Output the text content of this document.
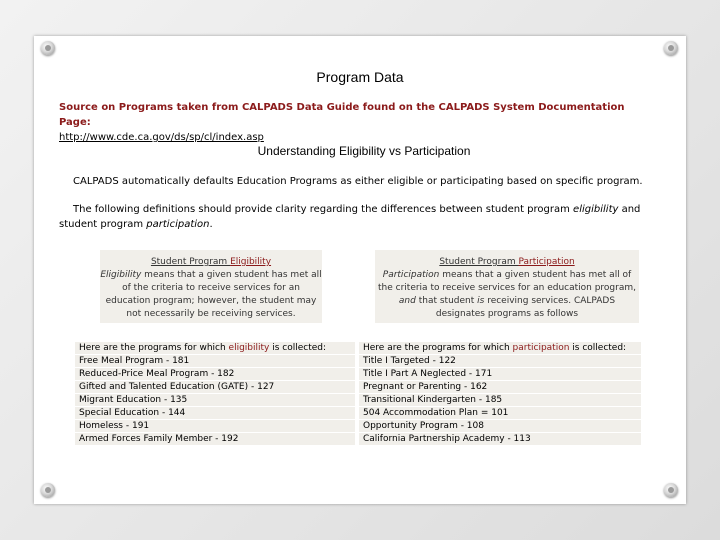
Program Data
Source on Programs taken from CALPADS Data Guide found on the CALPADS System Documentation Page:
http://www.cde.ca.gov/ds/sp/cl/index.asp
Understanding Eligibility vs Participation
CALPADS automatically defaults Education Programs as either eligible or participating based on specific program.
The following definitions should provide clarity regarding the differences between student program eligibility and student program participation.
Student Program Eligibility
Eligibility means that a given student has met all of the criteria to receive services for an education program; however, the student may not necessarily be receiving services.
Student Program Participation
Participation means that a given student has met all of the criteria to receive services for an education program, and that student is receiving services. CALPADS designates programs as follows
Here are the programs for which eligibility is collected:
Free Meal Program - 181
Reduced-Price Meal Program - 182
Gifted and Talented Education (GATE) - 127
Migrant Education - 135
Special Education - 144
Homeless - 191
Armed Forces Family Member - 192
Here are the programs for which participation is collected:
Title I Targeted - 122
Title I Part A Neglected - 171
Pregnant or Parenting - 162
Transitional Kindergarten - 185
504 Accommodation Plan = 101
Opportunity Program - 108
California Partnership Academy - 113
